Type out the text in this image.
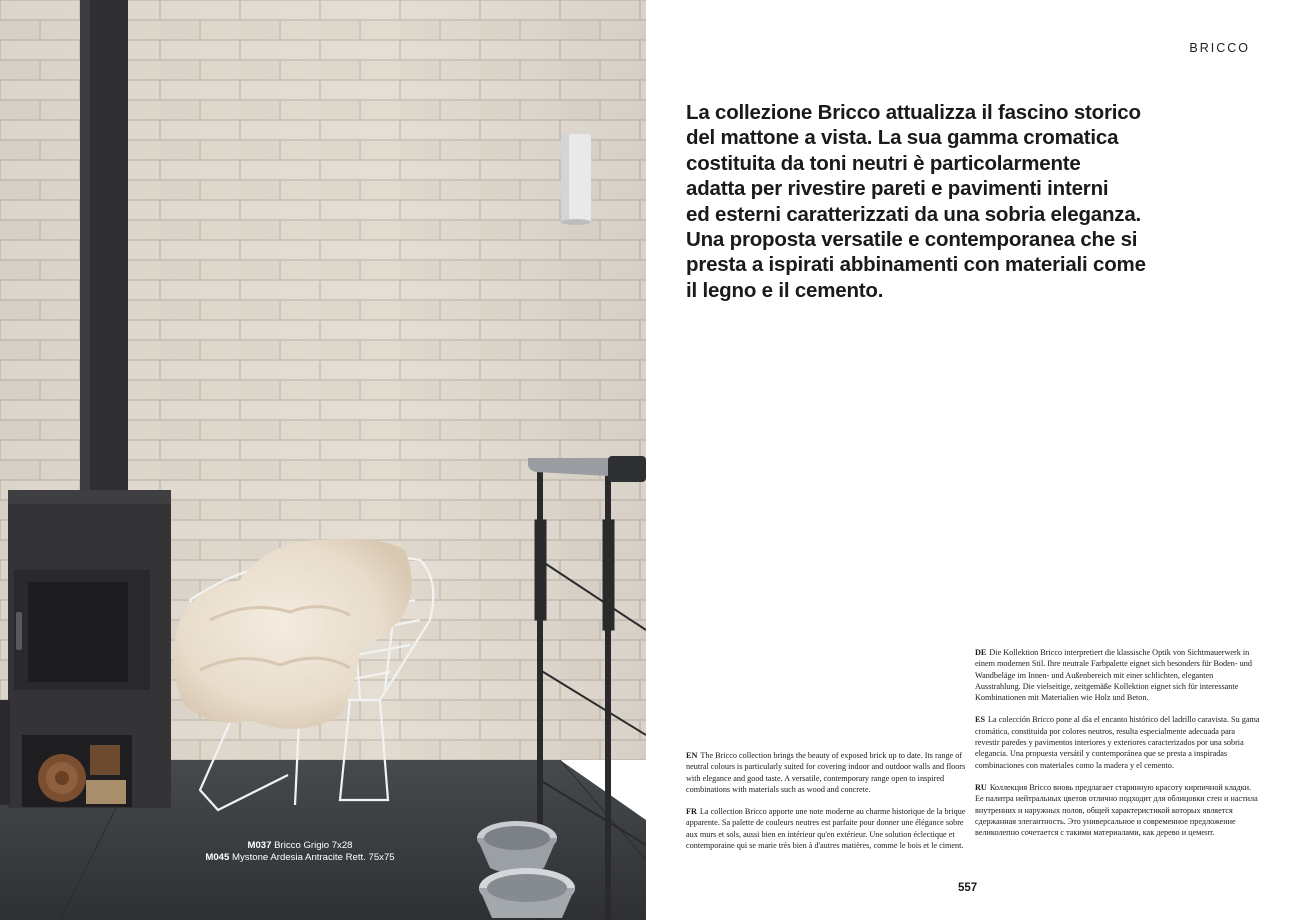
M037 Bricco Grigio 7x28
M045 Mystone Ardesia Antracite Rett. 75x75
BRICCO
La collezione Bricco attualizza il fascino storico
del mattone a vista. La sua gamma cromatica
costituita da toni neutri è particolarmente
adatta per rivestire pareti e pavimenti interni
ed esterni caratterizzati da una sobria eleganza.
Una proposta versatile e contemporanea che si
presta a ispirati abbinamenti con materiali come
il legno e il cemento.

EN The Bricco collection brings the beauty of exposed brick up to date. Its range of neutral colours is particularly suited for covering indoor and outdoor walls and floors with elegance and good taste. A versatile, contemporary range open to inspired combinations with materials such as wood and concrete.

FR La collection Bricco apporte une note moderne au charme historique de la brique apparente. Sa palette de couleurs neutres est parfaite pour donner une élégance sobre aux murs et sols, aussi bien en intérieur qu'en extérieur. Une solution éclectique et contemporaine qui se marie très bien à d'autres matières, comme le bois et le ciment.

DE Die Kollektion Bricco interpretiert die klassische Optik von Sichtmauerwerk in einem modernen Stil. Ihre neutrale Farbpalette eignet sich besonders für Boden- und Wandbeläge im Innen- und Außenbereich mit einer schlichten, eleganten Ausstrahlung. Die vielseitige, zeitgemäße Kollektion eignet sich für interessante Kombinationen mit Materialien wie Holz und Beton.

ES La colección Bricco pone al día el encanto histórico del ladrillo caravista. Su gama cromática, constituida por colores neutros, resulta especialmente adecuada para revestir paredes y pavimentos interiores y exteriores caracterizados por una sobria elegancia. Una propuesta versátil y contemporánea que se presta a inspiradas combinaciones con materiales como la madera y el cemento.

RU Коллекция Bricco вновь предлагает старинную красоту кирпичной кладки. Ее палитра нейтральных цветов отлично подходит для облицовки стен и настила внутренних и наружных полов, общей характеристикой которых является сдержанная элегантность. Это универсальное и современное предложение великолепно сочетается с такими материалами, как дерево и цемент.

557
